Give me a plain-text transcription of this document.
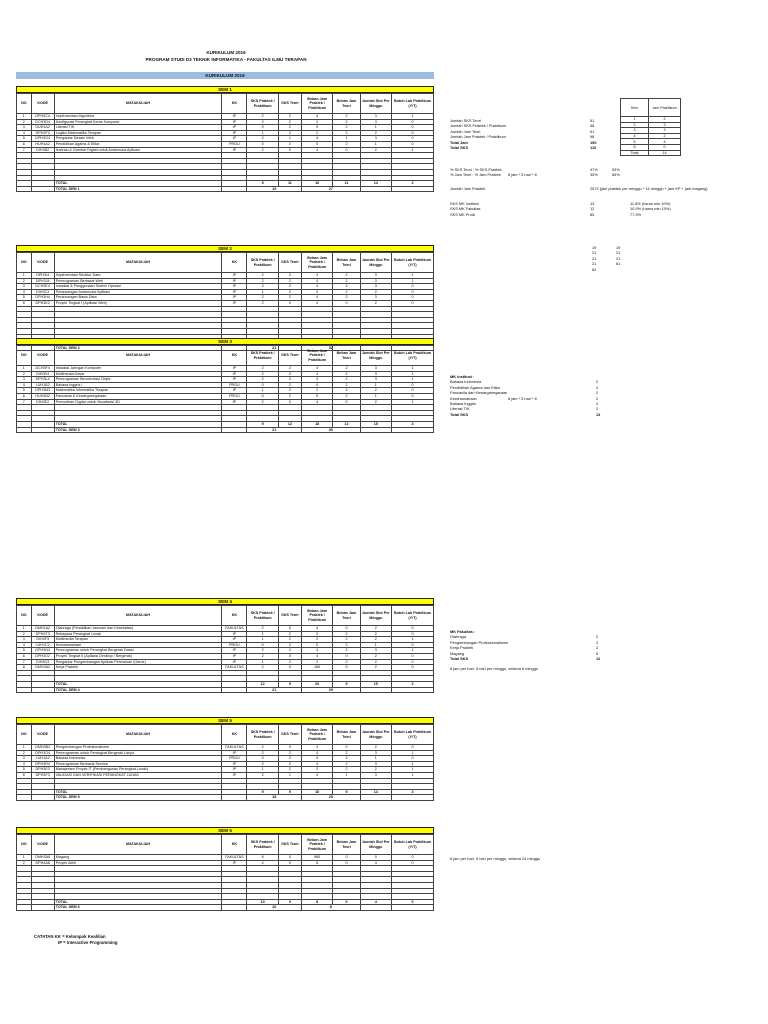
KURIKULUM 2016
PROGRAM STUDI D3 TEKNIK INFORMATIKA - FAKULTAS ILMU TERAPAN
KURIKULUM 2016
SEM 1
NO	KODE	MATAKULIAH	KK	SKS Praktek / Praktikum	SKS Teori	Beban Jam Praktek / Praktikum	Beban Jam Teori	Jumlah Slot Per Minggu	Butuh Lab Praktikum (Y/T)
1	DPH3C4	Implementasi Algoritma	IP	2	2	4	2	3	1
2	DCH3D4	Konfigurasi Perangkat Keras Komputer	IP	2	2	2	2	3	0
3	DUH1A2	Literasi TIK	IP	0	2	0	2	1	0
4	DPH3F3	Logika Matematika Terapan	IP	1	2	2	2	2	0
5	DPH3G4	Pengantar Desain Web	IP	2	1	4	1	3	0
6	HUH1A2	Pendidikan Agama & Etika	PRGU	0	2	0	2	1	0
7	DIH3B2	Ilustrasi & Gambar Digital untuk Antarmuka Aplikasi	IP	2	0	4	0	2	1

		TOTAL		9	11	16	11	14	2
		TOTAL SEM 1		19		27			
SEM 2
NO	KODE	MATAKULIAH	KK	SKS Praktek / Praktikum	SKS Teori	Beban Jam Praktek / Praktikum	Beban Jam Teori	Jumlah Slot Per Minggu	Butuh Lab Praktikum (Y/T)
1	DPH3I4	Implementasi Struktur Data	IP	2	2	4	2	3	1
2	DPH3J4	Pemrograman Berbasis Web	IP	2	2	4	2	3	1
3	DCH3E4	Instalasi & Penggunaan Sistem Operasi	IP	2	2	4	2	3	0
4	DIH3C3	Perancangan Antarmuka Aplikasi	IP	1	2	2	2	2	0
5	DPH3H4	Perancangan Basis Data	IP	2	2	4	2	3	0
6	DPH3K2	Proyek Tingkat I (Aplikasi Web)	IP	2	0	4	0	2	0

		TOTAL SEM 2		21		32			
SEM 3
NO	KODE	MATAKULIAH	KK	SKS Praktek / Praktikum	SKS Teori	Beban Jam Praktek / Praktikum	Beban Jam Teori	Jumlah Slot Per Minggu	Butuh Lab Praktikum (Y/T)
1	DCH3F4	Instalasi Jaringan Komputer	IP	2	2	4	2	3	1
2	DIH3D4	Multimedia Dasar	IP	2	2	4	2	3	1
3	DPH3L4	Pemrograman Berorientasi Objek	IP	2	2	4	2	3	1
4	LUH1B2	Bahasa Inggris I	PRGU	0	2	0	2	1	0
5	DPH3M3	Matematika Informatika Terapan	IP	1	2	2	2	2	0
6	HUH1B2	Pancasila & Kewarganegaraan	PRGU	0	2	0	2	1	0
7	DIH3E2	Pemodelan Digital untuk Visualisasi 3D	IP	2	0	4	0	2	1

		TOTAL		9	12	18	12	15	4
		TOTAL SEM 3		21		30			
SEM 4
NO	KODE	MATAKULIAH	KK	SKS Praktek / Praktikum	SKS Teori	Beban Jam Praktek / Praktikum	Beban Jam Teori	Jumlah Slot Per Minggu	Butuh Lab Praktikum (Y/T)
1	DMH1A2	Olahraga (Pendidikan Jasmani dan Kesehatan)	FAKULTAS	2	0	4	0	2	0
2	DPH3T3	Rekayasa Perangkat Lunak	IP	1	2	2	2	2	0
3	DIH3F3	Multimedia Terapan	IP	1	2	2	2	2	1
4	LUH1C2	Kewirausahaan	PRGU	0	2	0	2	1	0
5	DPH3N4	Pemrograman untuk Perangkat Bergerak Dasar	IP	2	2	4	2	3	1
6	DPH3O2	Proyek Tingkat II (Aplikasi Desktop / Bergerak)	IP	2	0	4	0	2	0
7	DIH3G3	Pengantar Pengembangan Aplikasi Permainan (Game)	IP	1	2	2	2	2	0
8	DMH3A2	Kerja Praktek	FAKULTAS	2	0	160	0	2	0

		TOTAL		12	9	20	9	15	2
		TOTAL SEM 4		21		29			
SEM 5
NO	KODE	MATAKULIAH	KK	SKS Praktek / Praktikum	SKS Teori	Beban Jam Praktek / Praktikum	Beban Jam Teori	Jumlah Slot Per Minggu	Butuh Lab Praktikum (Y/T)
1	DMH3B2	Pengembangan Profesionalisme	FAKULTAS	2	0	4	0	2	0
2	DPH3O4	Pemrograman untuk Perangkat Bergerak Lanjut	IP	2	2	4	2	3	1
3	LUH1A2	Bahasa Indonesia	PRGU	0	2	0	2	1	0
4	DPH3R4	Pemrograman Berbasis Service	IP	2	2	4	2	3	1
5	DPH3E3	Manajemen Proyek IT (Pembangunan Perangkat Lunak)	IP	1	2	2	2	2	1
6	DPH3F3	VALIDASI DAN VERIFIKASI PERANGKAT LUNAK	IP	2	1	4	1	3	1

		TOTAL		9	9	16	9	14	4
		TOTAL SEM 5		18		25			
SEM 6
NO	KODE	MATAKULIAH	KK	SKS Praktek / Praktikum	SKS Teori	Beban Jam Praktek / Praktikum	Beban Jam Teori	Jumlah Slot Per Minggu	Butuh Lab Praktikum (Y/T)
1	DMH3A6	Magang	FAKULTAS	6	0	960	0	0	0
2	DPH4A6	Proyek Akhir	IP	4	0	8	0	4	0

		TOTAL		10	0	8	0	4	0
		TOTAL SEM 6		10		8			
Jumlah SKS Teori	51
Jumlah SKS Praktek / Praktikum	58
Jumlah Jam Teori	51
Jumlah Jam Praktek / Praktikum	98
Total Jam	150
Total SKS	110
Sem	Jam Praktikum
1	2
2	3
3	3
4	2
5	4
6	0
Total	14
% SKS Teori : % SKS Praktek	47%	53%
% Jam Teori : % Jam Praktek	8 jam * 5 hari * 6	35%	65%
Jumlah Jam Praktek	2572 (jam praktek per minggu * 14 minggu + jam KP + jam magang)
SKS MK Institusi	13	11.8% (harus min 10%)
SKS MK Fakultas	12	10.9% (harus min 10%)
SKS MK Prodi	85	77.3%
19	19
21	21
21	21
21	61
82
MK Institusi :
Bahasa Indonesia	2
Pendidikan Agama dan Etika	2
Pancasila dan Kewarganegaraan	2
Kewirausahaan	8 jam * 5 hari * 6	2
Bahasa Inggris	2
Literasi TIK	2
Total SKS	13
MK Fakultas :
Olahraga	2
Pengembangan Professionalisme	2
Kerja Praktek	2
Magang	6
Total SKS	12
8 jam per hari, 5 hari per minggu, selama 6 minggu
8 jam per hari, 5 hari per minggu, selama 24 minggu
CATATAN KK = Kelompok Keahlian
IP = Interactive Programming
